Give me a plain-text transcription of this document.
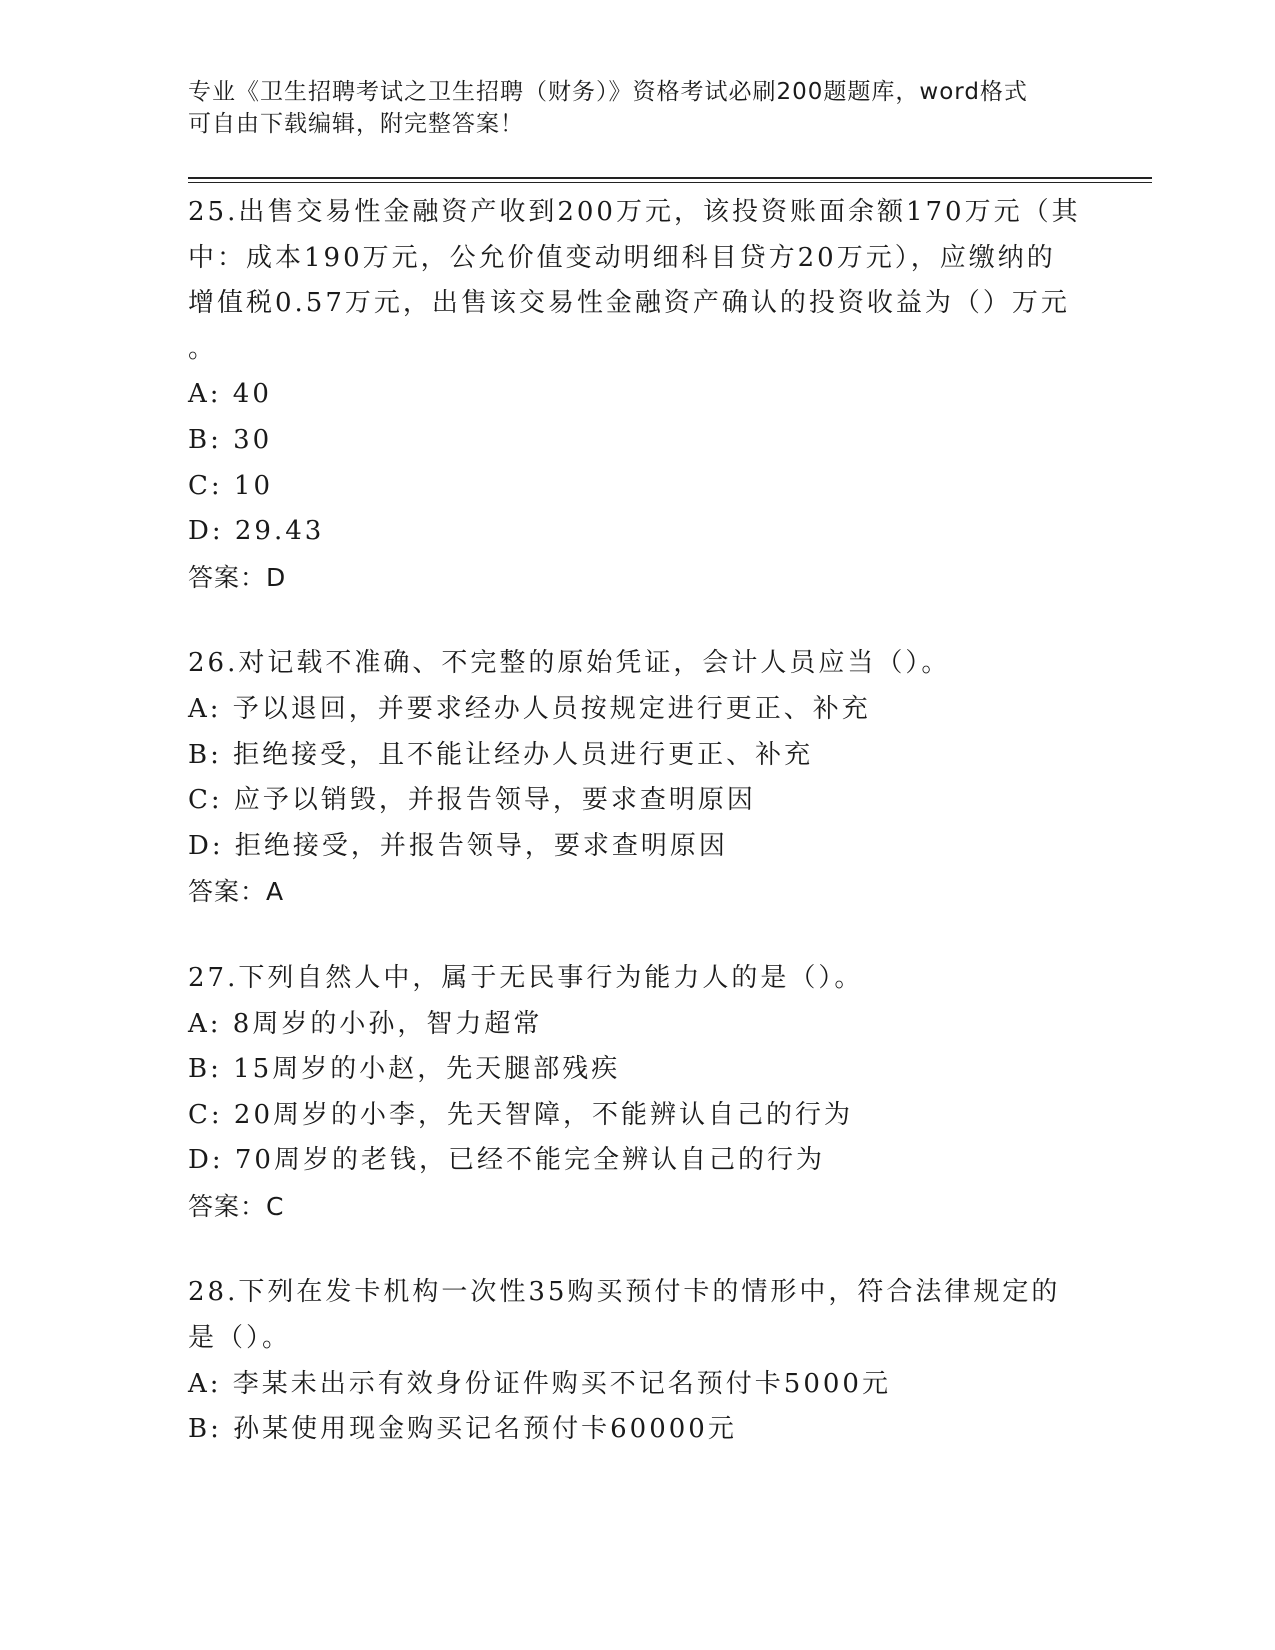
专业《卫生招聘考试之卫生招聘（财务）》资格考试必刷200题题库，word格式
可自由下载编辑，附完整答案！
25.出售交易性金融资产收到200万元，该投资账面余额170万元（其
中：成本190万元，公允价值变动明细科目贷方20万元），应缴纳的
增值税0.57万元，出售该交易性金融资产确认的投资收益为（）万元
。
A: 40
B: 30
C: 10
D: 29.43
答案：D
26.对记载不准确、不完整的原始凭证，会计人员应当（）。
A: 予以退回，并要求经办人员按规定进行更正、补充
B: 拒绝接受，且不能让经办人员进行更正、补充
C: 应予以销毁，并报告领导，要求查明原因
D: 拒绝接受，并报告领导，要求查明原因
答案：A
27.下列自然人中，属于无民事行为能力人的是（）。
A: 8周岁的小孙，智力超常
B: 15周岁的小赵，先天腿部残疾
C: 20周岁的小李，先天智障，不能辨认自己的行为
D: 70周岁的老钱，已经不能完全辨认自己的行为
答案：C
28.下列在发卡机构一次性35购买预付卡的情形中，符合法律规定的
是（）。
A: 李某未出示有效身份证件购买不记名预付卡5000元
B: 孙某使用现金购买记名预付卡60000元
